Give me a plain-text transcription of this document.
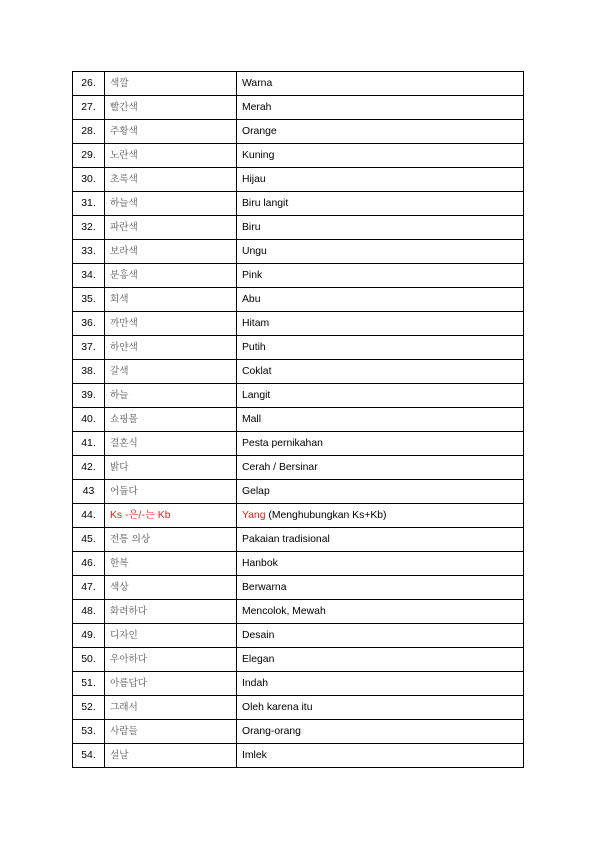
26.	색깔	Warna
27.	빨간색	Merah
28.	주황색	Orange
29.	노란색	Kuning
30.	초록색	Hijau
31.	하늘색	Biru langit
32.	파란색	Biru
33.	보라색	Ungu
34.	분홍색	Pink
35.	회색	Abu
36.	까만색	Hitam
37.	하얀색	Putih
38.	갈색	Coklat
39.	하늘	Langit
40.	쇼핑몰	Mall
41.	결혼식	Pesta pernikahan
42.	밝다	Cerah / Bersinar
43	어둡다	Gelap
44.	Ks -은/-는 Kb	Yang (Menghubungkan Ks+Kb)
45.	전통 의상	Pakaian tradisional
46.	한복	Hanbok
47.	색상	Berwarna
48.	화려하다	Mencolok, Mewah
49.	디자인	Desain
50.	우아하다	Elegan
51.	아름답다	Indah
52.	그래서	Oleh karena itu
53.	사람들	Orang-orang
54.	설날	Imlek
